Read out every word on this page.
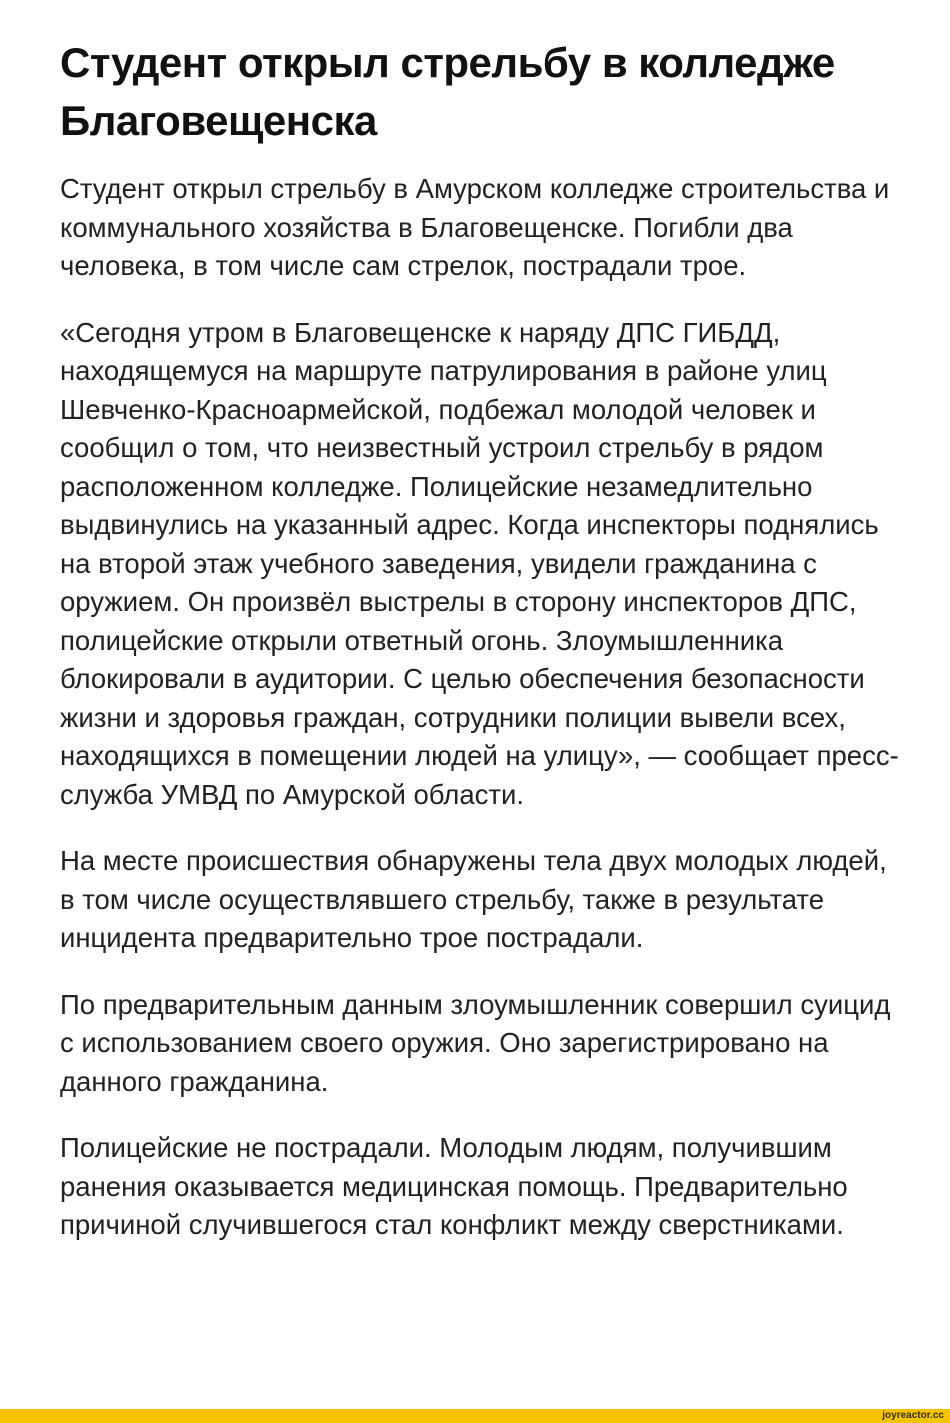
Студент открыл стрельбу в колледже Благовещенска

Студент открыл стрельбу в Амурском колледже строительства и коммунального хозяйства в Благовещенске. Погибли два человека, в том числе сам стрелок, пострадали трое.

«Сегодня утром в Благовещенске к наряду ДПС ГИБДД, находящемуся на маршруте патрулирования в районе улиц Шевченко-Красноармейской, подбежал молодой человек и сообщил о том, что неизвестный устроил стрельбу в рядом расположенном колледже. Полицейские незамедлительно выдвинулись на указанный адрес. Когда инспекторы поднялись на второй этаж учебного заведения, увидели гражданина с оружием. Он произвёл выстрелы в сторону инспекторов ДПС, полицейские открыли ответный огонь. Злоумышленника блокировали в аудитории. С целью обеспечения безопасности жизни и здоровья граждан, сотрудники полиции вывели всех, находящихся в помещении людей на улицу», — сообщает пресс-служба УМВД по Амурской области.

На месте происшествия обнаружены тела двух молодых людей, в том числе осуществлявшего стрельбу, также в результате инцидента предварительно трое пострадали.

По предварительным данным злоумышленник совершил суицид с использованием своего оружия. Оно зарегистрировано на данного гражданина.

Полицейские не пострадали. Молодым людям, получившим ранения оказывается медицинская помощь. Предварительно причиной случившегося стал конфликт между сверстниками.

joyreactor.cc
